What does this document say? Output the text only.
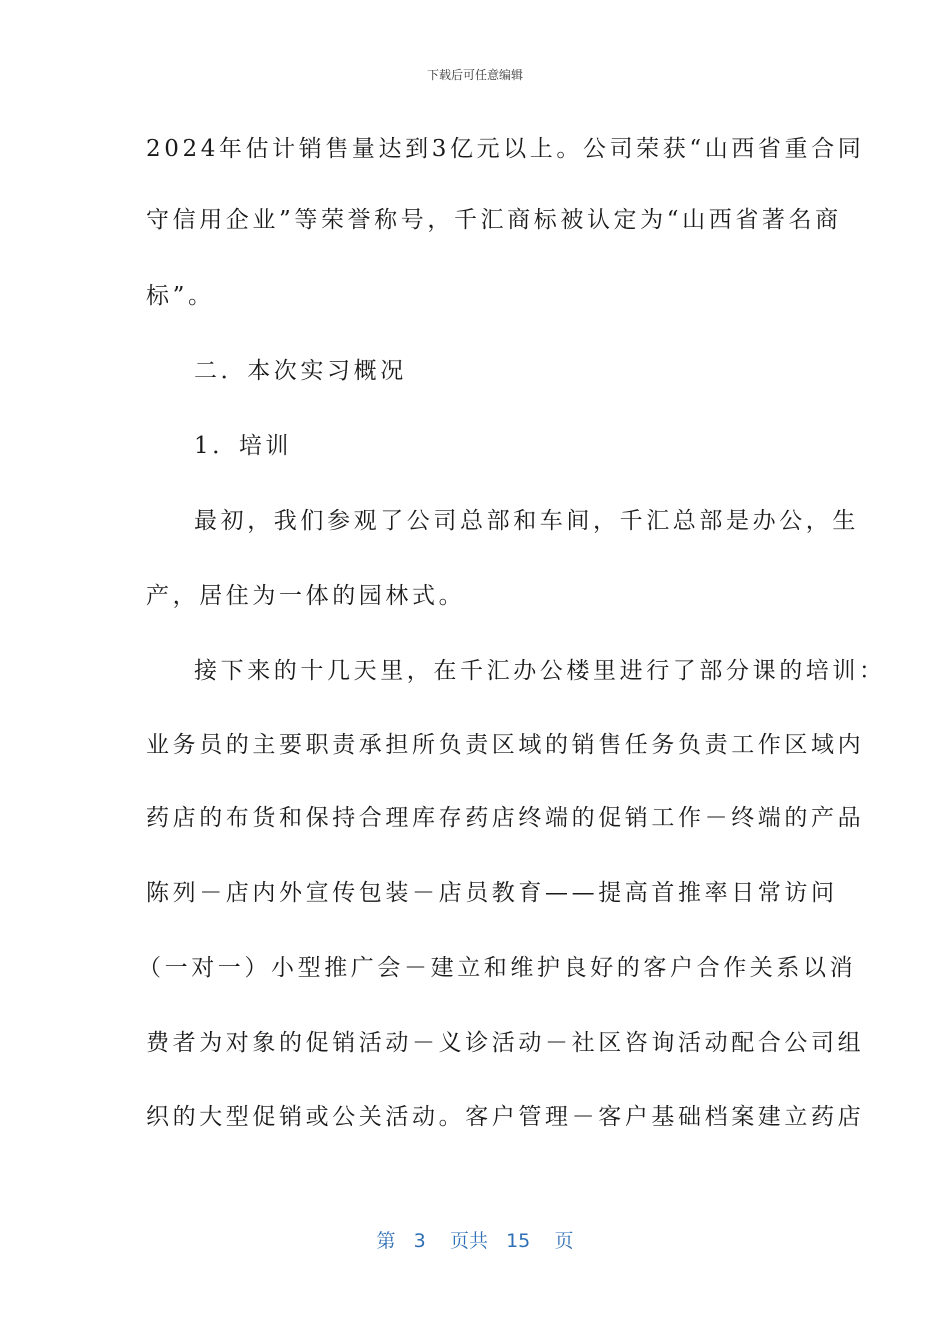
下载后可任意编辑
2024年估计销售量达到3亿元以上。公司荣获“山西省重合同
守信用企业”等荣誉称号，千汇商标被认定为“山西省著名商
标”。
二．本次实习概况
1．培训
最初，我们参观了公司总部和车间，千汇总部是办公，生
产，居住为一体的园林式。
接下来的十几天里，在千汇办公楼里进行了部分课的培训：
业务员的主要职责承担所负责区域的销售任务负责工作区域内
药店的布货和保持合理库存药店终端的促销工作－终端的产品
陈列－店内外宣传包装－店员教育——提高首推率日常访问
（一对一）小型推广会－建立和维护良好的客户合作关系以消
费者为对象的促销活动－义诊活动－社区咨询活动配合公司组
织的大型促销或公关活动。客户管理－客户基础档案建立药店
第 3 页共 15 页
